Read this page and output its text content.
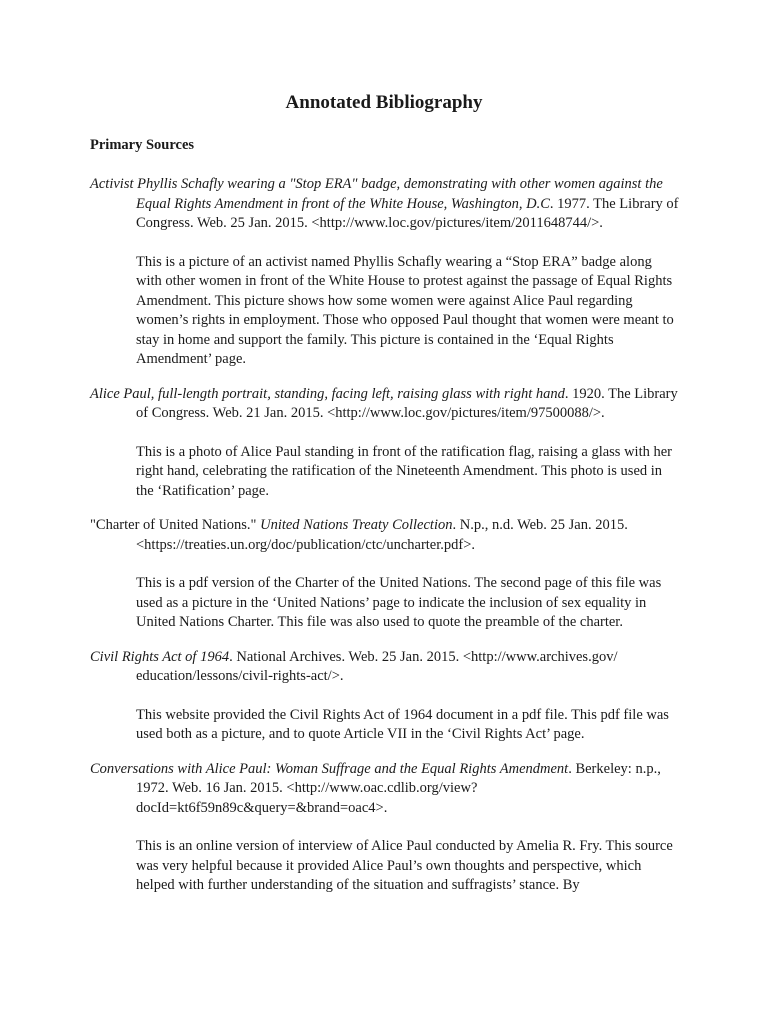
Annotated Bibliography
Primary Sources

Activist Phyllis Schafly wearing a "Stop ERA" badge, demonstrating with other women against the Equal Rights Amendment in front of the White House, Washington, D.C. 1977. The Library of Congress. Web. 25 Jan. 2015. <http://www.loc.gov/pictures/item/2011648744/>.

This is a picture of an activist named Phyllis Schafly wearing a “Stop ERA” badge along with other women in front of the White House to protest against the passage of Equal Rights Amendment. This picture shows how some women were against Alice Paul regarding women’s rights in employment. Those who opposed Paul thought that women were meant to stay in home and support the family. This picture is contained in the ‘Equal Rights Amendment’ page.

Alice Paul, full-length portrait, standing, facing left, raising glass with right hand. 1920. The Library of Congress. Web. 21 Jan. 2015. <http://www.loc.gov/pictures/item/97500088/>.

This is a photo of Alice Paul standing in front of the ratification flag, raising a glass with her right hand, celebrating the ratification of the Nineteenth Amendment. This photo is used in the ‘Ratification’ page.

"Charter of United Nations." United Nations Treaty Collection. N.p., n.d. Web. 25 Jan. 2015. <https://treaties.un.org/doc/publication/ctc/uncharter.pdf>.

This is a pdf version of the Charter of the United Nations. The second page of this file was used as a picture in the ‘United Nations’ page to indicate the inclusion of sex equality in United Nations Charter. This file was also used to quote the preamble of the charter.

Civil Rights Act of 1964. National Archives. Web. 25 Jan. 2015. <http://www.archives.gov/ education/lessons/civil-rights-act/>.

This website provided the Civil Rights Act of 1964 document in a pdf file. This pdf file was used both as a picture, and to quote Article VII in the ‘Civil Rights Act’ page.

Conversations with Alice Paul: Woman Suffrage and the Equal Rights Amendment. Berkeley: n.p., 1972. Web. 16 Jan. 2015. <http://www.oac.cdlib.org/view? docId=kt6f59n89c&query=&brand=oac4>.

This is an online version of interview of Alice Paul conducted by Amelia R. Fry. This source was very helpful because it provided Alice Paul’s own thoughts and perspective, which helped with further understanding of the situation and suffragists’ stance. By
